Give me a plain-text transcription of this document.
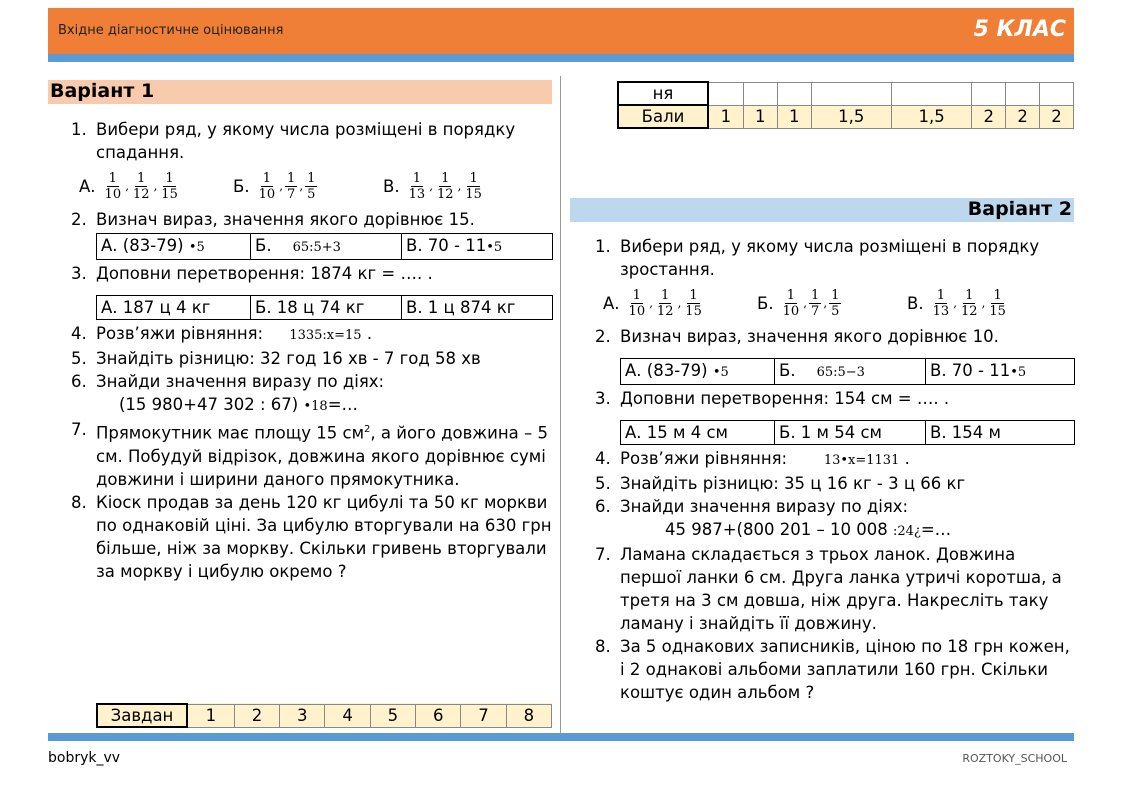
Вхідне діагностичне оцінювання	5 КЛАС
Варіант 1
1. Вибери ряд, у якому числа розміщені в порядку спадання.
А. $\frac{1}{10}$ ‚ $\frac{1}{12}$ ‚ $\frac{1}{15}$	Б. $\frac{1}{10}$ ‚ $\frac{1}{7}$ ‚ $\frac{1}{5}$	В. $\frac{1}{13}$ ‚ $\frac{1}{12}$ ‚ $\frac{1}{15}$
2. Визнач вираз, значення якого дорівнює 15.
А. (83-79) •5	Б. 65:5+3	В. 70 - 11•5
3. Доповни перетворення: 1874 кг = …. .
А. 187 ц 4 кг	Б. 18 ц 74 кг	В. 1 ц 874 кг
4. Розв’яжи рівняння: 1335:x=15 .
5. Знайдіть різницю: 32 год 16 хв - 7 год 58 хв
6. Знайди значення виразу по діях:
(15 980+47 302 : 67) •18=…
7. Прямокутник має площу 15 $см^2$, а його довжина – 5 см. Побудуй відрізок, довжина якого дорівнює сумі довжини і ширини даного прямокутника.
8. Кіоск продав за день 120 кг цибулі та 50 кг моркви по однаковій ціні. За цибулю вторгували на 630 грн більше, ніж за моркву. Скільки гривень вторгували за моркву і цибулю окремо ?
Завдан	1	2	3	4	5	6	7	8
ня								
Бали	1	1	1	1,5	1,5	2	2	2
Варіант 2
1. Вибери ряд, у якому числа розміщені в порядку зростання.
А. $\frac{1}{10}$ ‚ $\frac{1}{12}$ ‚ $\frac{1}{15}$	Б. $\frac{1}{10}$ ‚ $\frac{1}{7}$ ‚ $\frac{1}{5}$	В. $\frac{1}{13}$ ‚ $\frac{1}{12}$ ‚ $\frac{1}{15}$
2. Визнач вираз, значення якого дорівнює 10.
А. (83-79) •5	Б. 65:5−3	В. 70 - 11•5
3. Доповни перетворення: 154 см = …. .
А. 15 м 4 см	Б. 1 м 54 см	В. 154 м
4. Розв’яжи рівняння:	13•x=1131 .
5. Знайдіть різницю: 35 ц 16 кг - 3 ц 66 кг
6. Знайди значення виразу по діях:
45 987+(800 201 – 10 008 :24¿=…
7. Ламана складається з трьох ланок. Довжина першої ланки 6 см. Друга ланка утричі коротша, а третя на 3 см довша, ніж друга. Накресліть таку ламану і знайдіть її довжину.
8. За 5 однакових записників, ціною по 18 грн кожен, і 2 однакові альбоми заплатили 160 грн. Скільки коштує один альбом ?
bobryk_vv	ROZTOKY_SCHOOL
